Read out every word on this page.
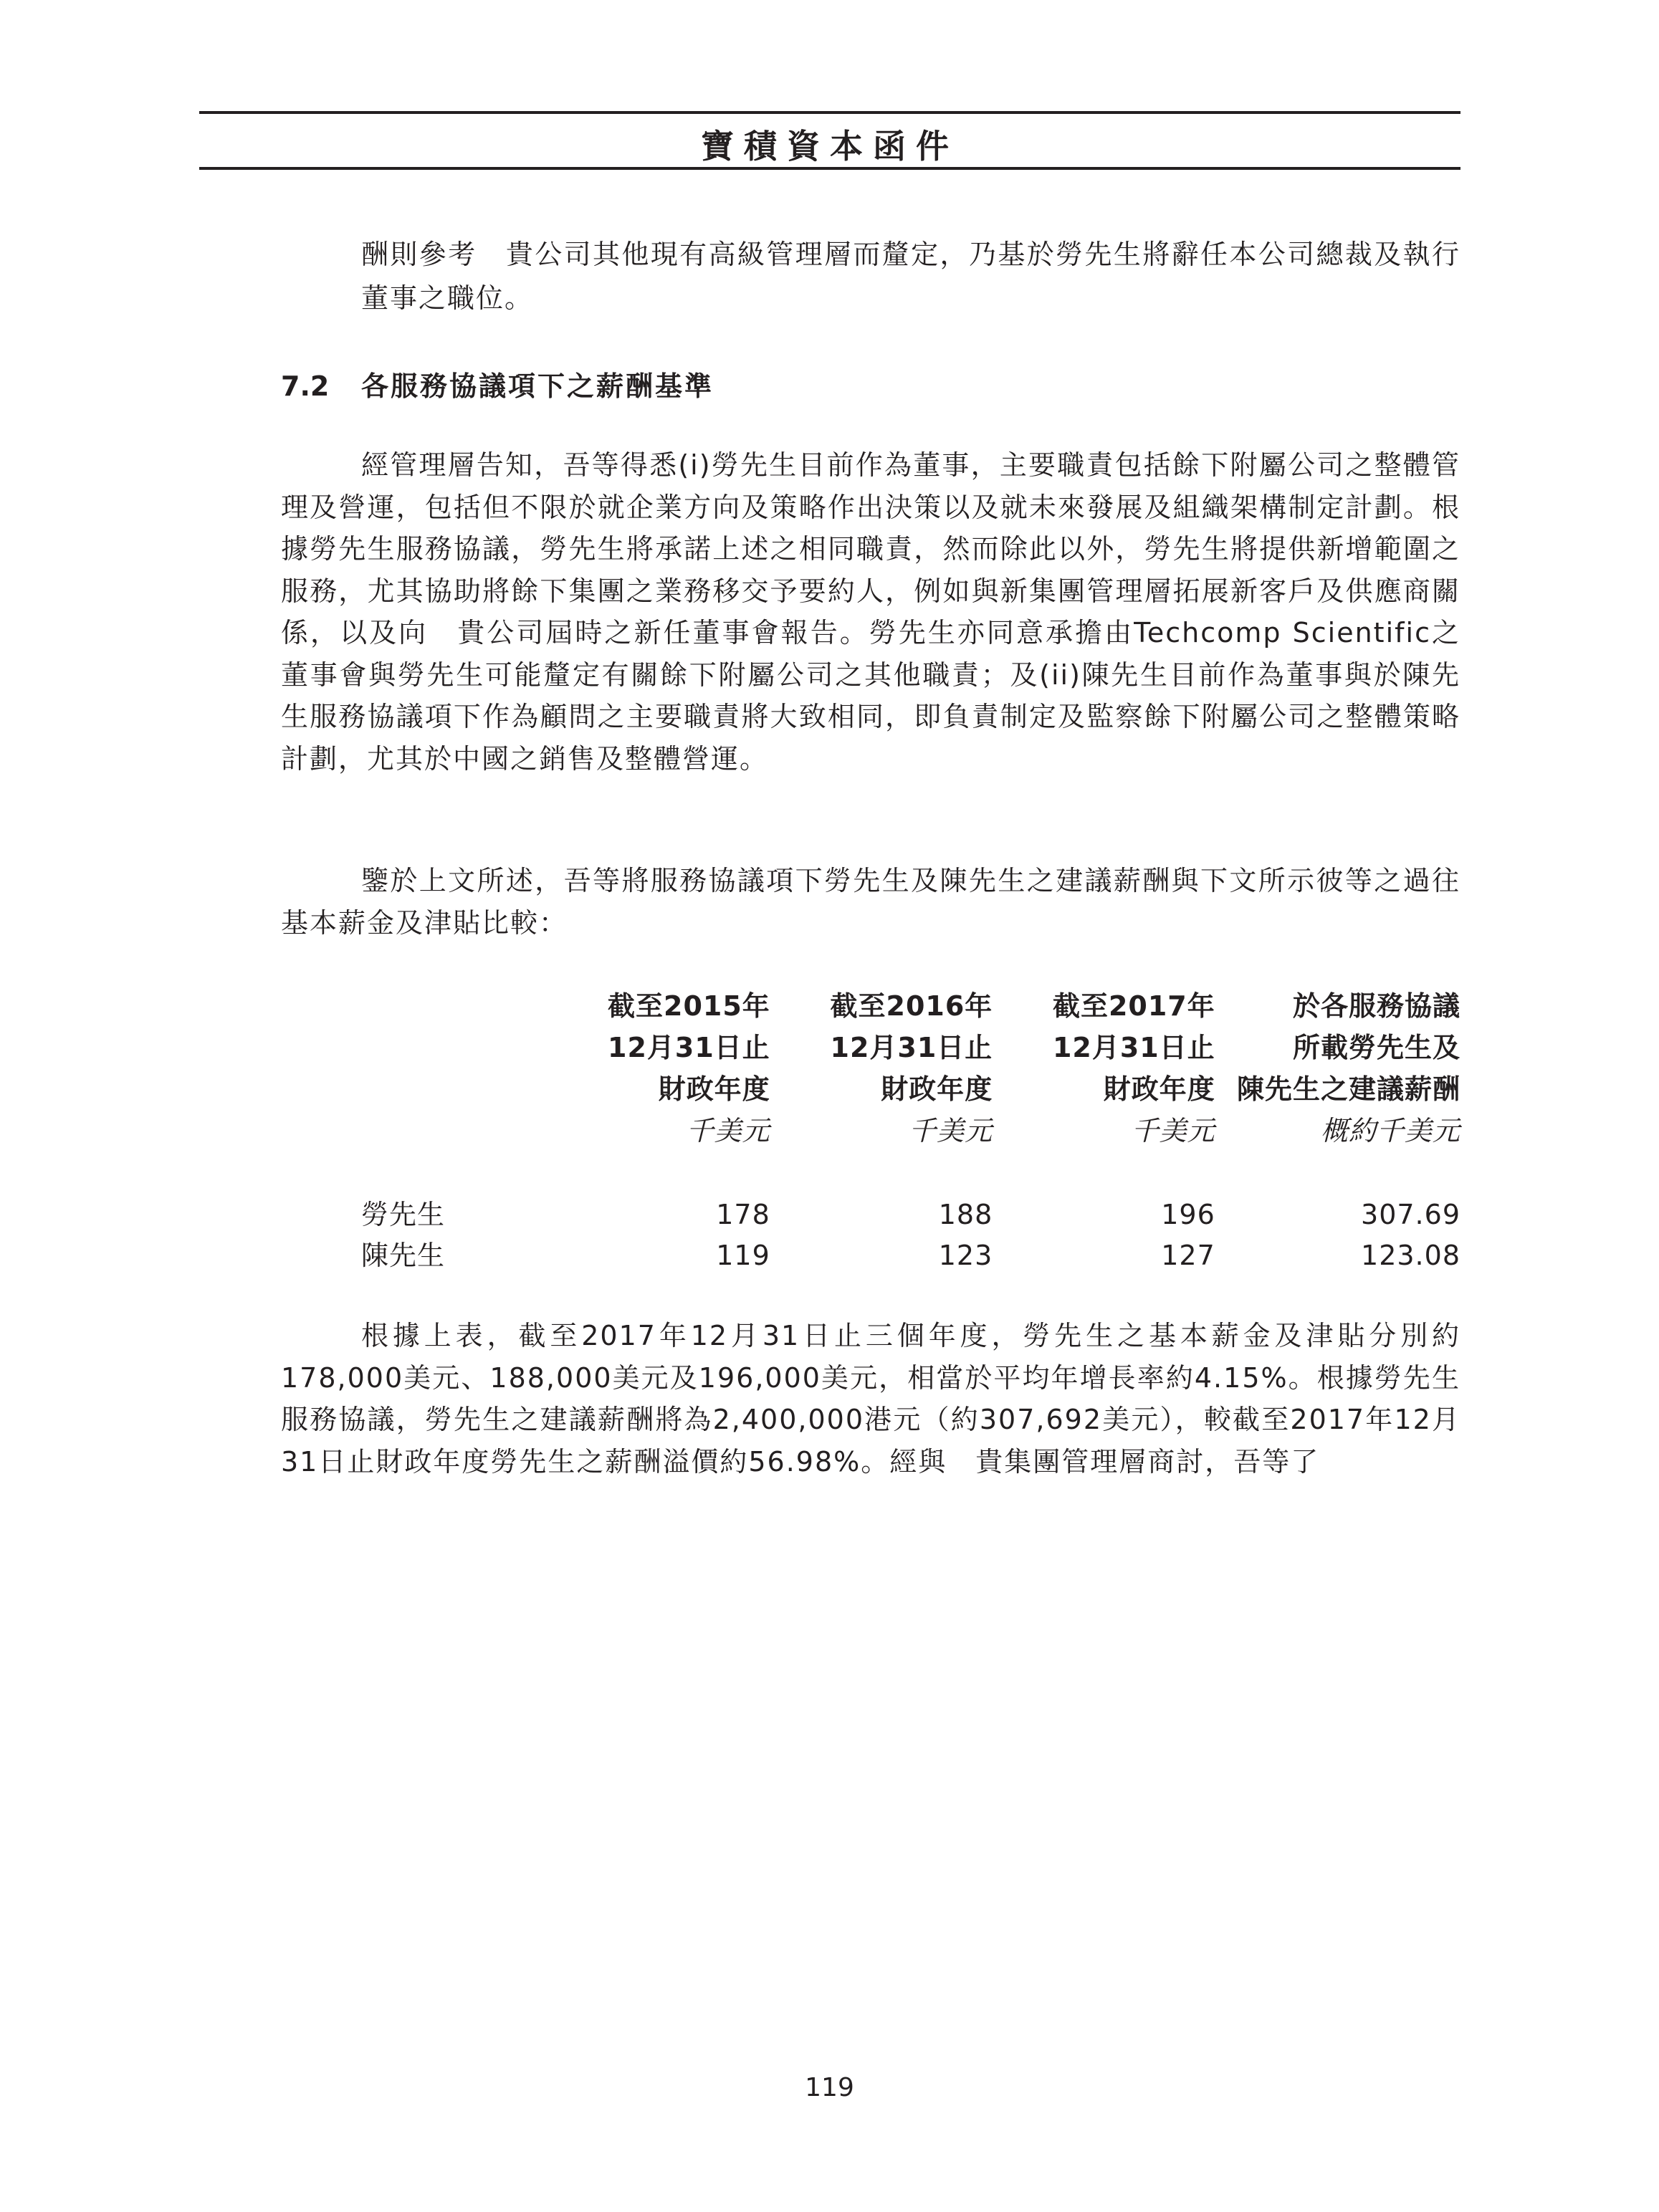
寶積資本函件

酬則參考　貴公司其他現有高級管理層而釐定，乃基於勞先生將辭任本公司總裁及執行董事之職位。

7.2 各服務協議項下之薪酬基準

經管理層告知，吾等得悉(i)勞先生目前作為董事，主要職責包括餘下附屬公司之整體管理及營運，包括但不限於就企業方向及策略作出決策以及就未來發展及組織架構制定計劃。根據勞先生服務協議，勞先生將承諾上述之相同職責，然而除此以外，勞先生將提供新增範圍之服務，尤其協助將餘下集團之業務移交予要約人，例如與新集團管理層拓展新客戶及供應商關係，以及向　貴公司屆時之新任董事會報告。勞先生亦同意承擔由Techcomp Scientific之董事會與勞先生可能釐定有關餘下附屬公司之其他職責；及(ii)陳先生目前作為董事與於陳先生服務協議項下作為顧問之主要職責將大致相同，即負責制定及監察餘下附屬公司之整體策略計劃，尤其於中國之銷售及整體營運。

鑒於上文所述，吾等將服務協議項下勞先生及陳先生之建議薪酬與下文所示彼等之過往基本薪金及津貼比較：

	截至2015年	截至2016年	截至2017年	於各服務協議
	12月31日止	12月31日止	12月31日止	所載勞先生及
	財政年度	財政年度	財政年度	陳先生之建議薪酬
	千美元	千美元	千美元	概約千美元

勞先生	178	188	196	307.69
陳先生	119	123	127	123.08

根據上表，截至2017年12月31日止三個年度，勞先生之基本薪金及津貼分別約178,000美元、188,000美元及196,000美元，相當於平均年增長率約4.15%。根據勞先生服務協議，勞先生之建議薪酬將為2,400,000港元（約307,692美元），較截至2017年12月31日止財政年度勞先生之薪酬溢價約56.98%。經與　貴集團管理層商討，吾等了

119
